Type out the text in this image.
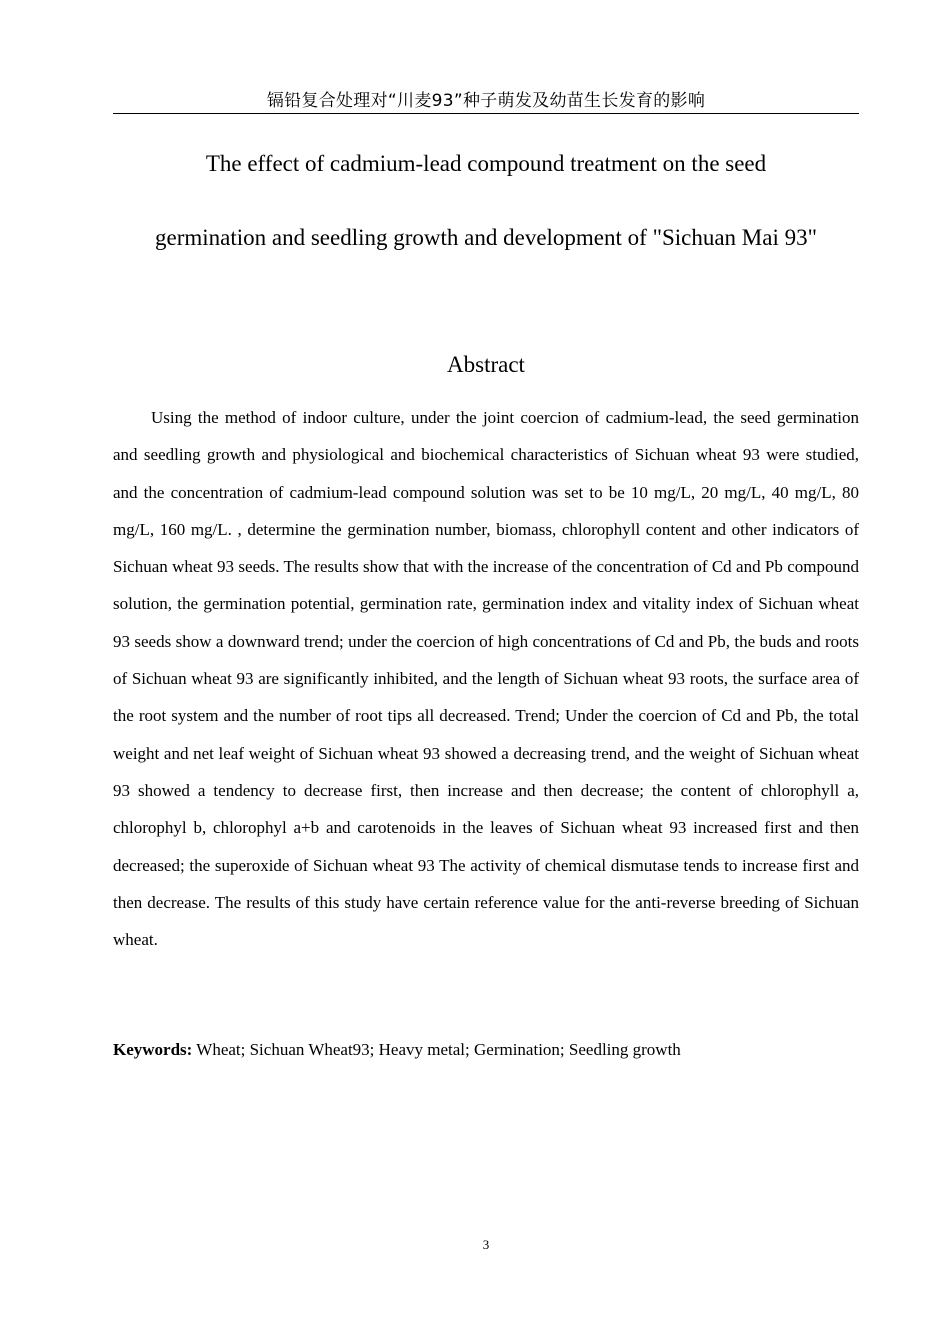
镉铅复合处理对“川麦93”种子萌发及幼苗生长发育的影响
The effect of cadmium-lead compound treatment on the seed
germination and seedling growth and development of "Sichuan Mai 93"
Abstract

Using the method of indoor culture, under the joint coercion of cadmium-lead, the seed germination and seedling growth and physiological and biochemical characteristics of Sichuan wheat 93 were studied, and the concentration of cadmium-lead compound solution was set to be 10 mg/L, 20 mg/L, 40 mg/L, 80 mg/L, 160 mg/L. , determine the germination number, biomass, chlorophyll content and other indicators of Sichuan wheat 93 seeds. The results show that with the increase of the concentration of Cd and Pb compound solution, the germination potential, germination rate, germination index and vitality index of Sichuan wheat 93 seeds show a downward trend; under the coercion of high concentrations of Cd and Pb, the buds and roots of Sichuan wheat 93 are significantly inhibited, and the length of Sichuan wheat 93 roots, the surface area of the root system and the number of root tips all decreased. Trend; Under the coercion of Cd and Pb, the total weight and net leaf weight of Sichuan wheat 93 showed a decreasing trend, and the weight of Sichuan wheat 93 showed a tendency to decrease first, then increase and then decrease; the content of chlorophyll a, chlorophyl b, chlorophyl a+b and carotenoids in the leaves of Sichuan wheat 93 increased first and then decreased; the superoxide of Sichuan wheat 93 The activity of chemical dismutase tends to increase first and then decrease. The results of this study have certain reference value for the anti-reverse breeding of Sichuan wheat.

Keywords: Wheat; Sichuan Wheat93; Heavy metal; Germination; Seedling growth

3
